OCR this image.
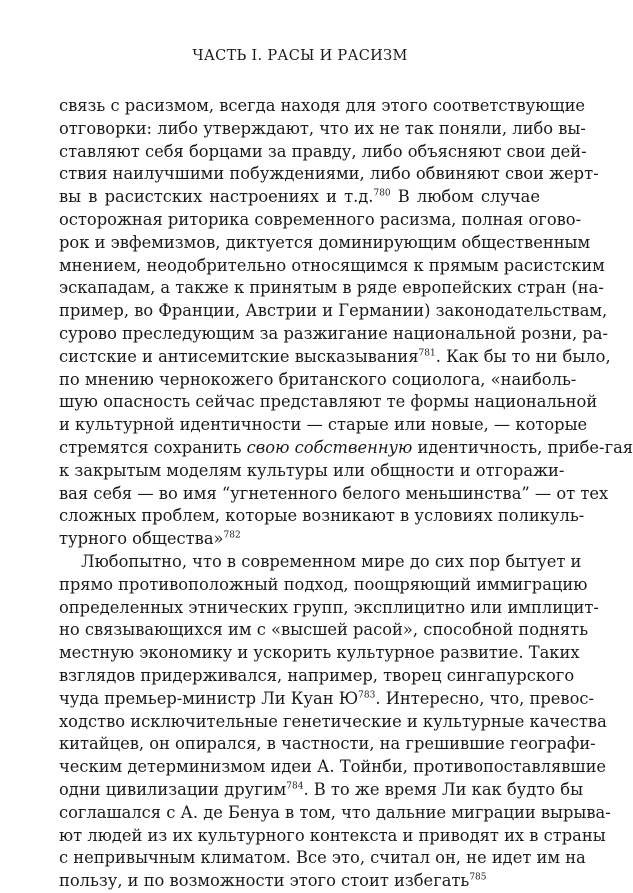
ЧАСТЬ I. РАСЫ И РАСИЗМ
связь с расизмом, всегда находя для этого соответствующие
отговорки: либо утверждают, что их не так поняли, либо вы-
ставляют себя борцами за правду, либо объясняют свои дей-
ствия наилучшими побуждениями, либо обвиняют свои жерт-
вы в расистских настроениях и т.д.$^{780}$ В любом случае
осторожная риторика современного расизма, полная огово-
рок и эвфемизмов, диктуется доминирующим общественным
мнением, неодобрительно относящимся к прямым расистским
эскападам, а также к принятым в ряде европейских стран (на-
пример, во Франции, Австрии и Германии) законодательствам,
сурово преследующим за разжигание национальной розни, ра-
систские и антисемитские высказывания$^{781}$. Как бы то ни было,
по мнению чернокожего британского социолога, «наиболь-
шую опасность сейчас представляют те формы национальной
и культурной идентичности — старые или новые, — которые
стремятся сохранить свою собственную идентичность, прибе-гая
к закрытым моделям культуры или общности и отгоражи-
вая себя — во имя “угнетенного белого меньшинства” — от тех
сложных проблем, которые возникают в условиях поликуль-
турного общества»$^{782}$
Любопытно, что в современном мире до сих пор бытует и
прямо противоположный подход, поощряющий иммиграцию
определенных этнических групп, эксплицитно или имплицит-
но связывающихся им с «высшей расой», способной поднять
местную экономику и ускорить культурное развитие. Таких
взглядов придерживался, например, творец сингапурского
чуда премьер-министр Ли Куан $Ю^{783}$. Интересно, что, превос-
ходство исключительные генетические и культурные качества
китайцев, он опирался, в частности, на грешившие географи-
ческим детерминизмом идеи А. Тойнби, противопоставлявшие
одни цивилизации другим$^{784}$. В то же время Ли как будто бы
соглашался с А. де Бенуа в том, что дальние миграции вырыва-
ют людей из их культурного контекста и приводят их в страны
с непривычным климатом. Все это, считал он, не идет им на
пользу, и по возможности этого стоит избегать$^{785}$
